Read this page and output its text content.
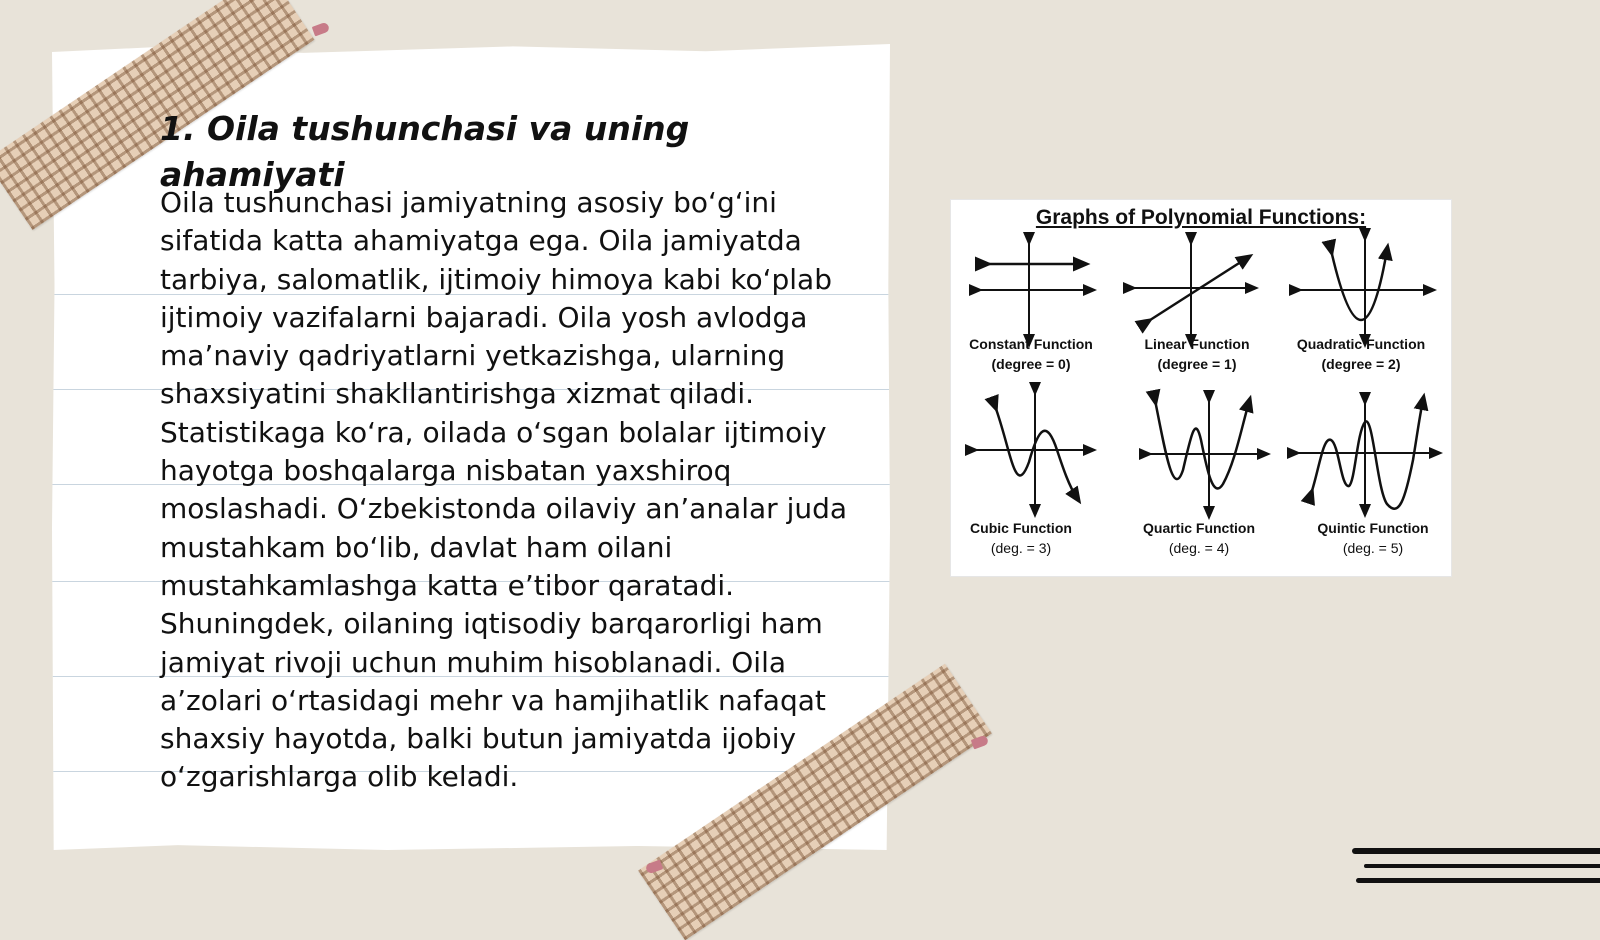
1. Oila tushunchasi va uning ahamiyati

Oila tushunchasi jamiyatning asosiy bo‘g‘ini sifatida katta ahamiyatga ega. Oila jamiyatda tarbiya, salomatlik, ijtimoiy himoya kabi ko‘plab ijtimoiy vazifalarni bajaradi. Oila yosh avlodga ma’naviy qadriyatlarni yetkazishga, ularning shaxsiyatini shakllantirishga xizmat qiladi. Statistikaga ko‘ra, oilada o‘sgan bolalar ijtimoiy hayotga boshqalarga nisbatan yaxshiroq moslashadi. O‘zbekistonda oilaviy an’analar juda mustahkam bo‘lib, davlat ham oilani mustahkamlashga katta e’tibor qaratadi. Shuningdek, oilaning iqtisodiy barqarorligi ham jamiyat rivoji uchun muhim hisoblanadi. Oila a’zolari o‘rtasidagi mehr va hamjihatlik nafaqat shaxsiy hayotda, balki butun jamiyatda ijobiy o‘zgarishlarga olib keladi.

Graphs of Polynomial Functions:
Constant Function
(degree = 0)
Linear Function
(degree = 1)
Quadratic Function
(degree = 2)
Cubic Function
(deg. = 3)
Quartic Function
(deg. = 4)
Quintic Function
(deg. = 5)
